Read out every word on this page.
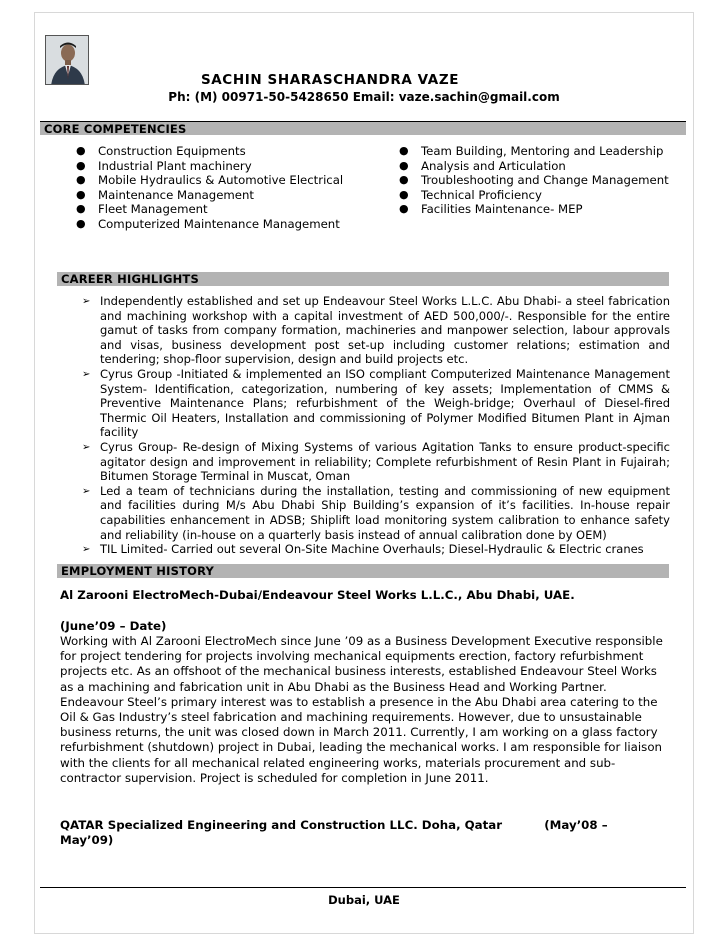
SACHIN SHARASCHANDRA VAZE
Ph: (M) 00971-50-5428650 Email: vaze.sachin@gmail.com
CORE COMPETENCIES
● Construction Equipments
● Industrial Plant machinery
● Mobile Hydraulics & Automotive Electrical
● Maintenance Management
● Fleet Management
● Computerized Maintenance Management
● Team Building, Mentoring and Leadership
● Analysis and Articulation
● Troubleshooting and Change Management
● Technical Proficiency
● Facilities Maintenance- MEP
CAREER HIGHLIGHTS
➢ Independently established and set up Endeavour Steel Works L.L.C. Abu Dhabi- a steel fabrication and machining workshop with a capital investment of AED 500,000/-. Responsible for the entire gamut of tasks from company formation, machineries and manpower selection, labour approvals and visas, business development post set-up including customer relations; estimation and tendering; shop-floor supervision, design and build projects etc.
➢ Cyrus Group -Initiated & implemented an ISO compliant Computerized Maintenance Management System- Identification, categorization, numbering of key assets; Implementation of CMMS & Preventive Maintenance Plans; refurbishment of the Weigh-bridge; Overhaul of Diesel-fired Thermic Oil Heaters, Installation and commissioning of Polymer Modified Bitumen Plant in Ajman facility
➢ Cyrus Group- Re-design of Mixing Systems of various Agitation Tanks to ensure product-specific agitator design and improvement in reliability; Complete refurbishment of Resin Plant in Fujairah; Bitumen Storage Terminal in Muscat, Oman
➢ Led a team of technicians during the installation, testing and commissioning of new equipment and facilities during M/s Abu Dhabi Ship Building’s expansion of it’s facilities. In-house repair capabilities enhancement in ADSB; Shiplift load monitoring system calibration to enhance safety and reliability (in-house on a quarterly basis instead of annual calibration done by OEM)
➢ TIL Limited- Carried out several On-Site Machine Overhauls; Diesel-Hydraulic & Electric cranes
EMPLOYMENT HISTORY
Al Zarooni ElectroMech-Dubai/Endeavour Steel Works L.L.C., Abu Dhabi, UAE.
(June’09 – Date)
Working with Al Zarooni ElectroMech since June ’09 as a Business Development Executive responsible for project tendering for projects involving mechanical equipments erection, factory refurbishment projects etc. As an offshoot of the mechanical business interests, established Endeavour Steel Works as a machining and fabrication unit in Abu Dhabi as the Business Head and Working Partner. Endeavour Steel’s primary interest was to establish a presence in the Abu Dhabi area catering to the Oil & Gas Industry’s steel fabrication and machining requirements. However, due to unsustainable business returns, the unit was closed down in March 2011. Currently, I am working on a glass factory refurbishment (shutdown) project in Dubai, leading the mechanical works. I am responsible for liaison with the clients for all mechanical related engineering works, materials procurement and sub-contractor supervision. Project is scheduled for completion in June 2011.
QATAR Specialized Engineering and Construction LLC. Doha, Qatar	(May’08 – May’09)
Dubai, UAE
